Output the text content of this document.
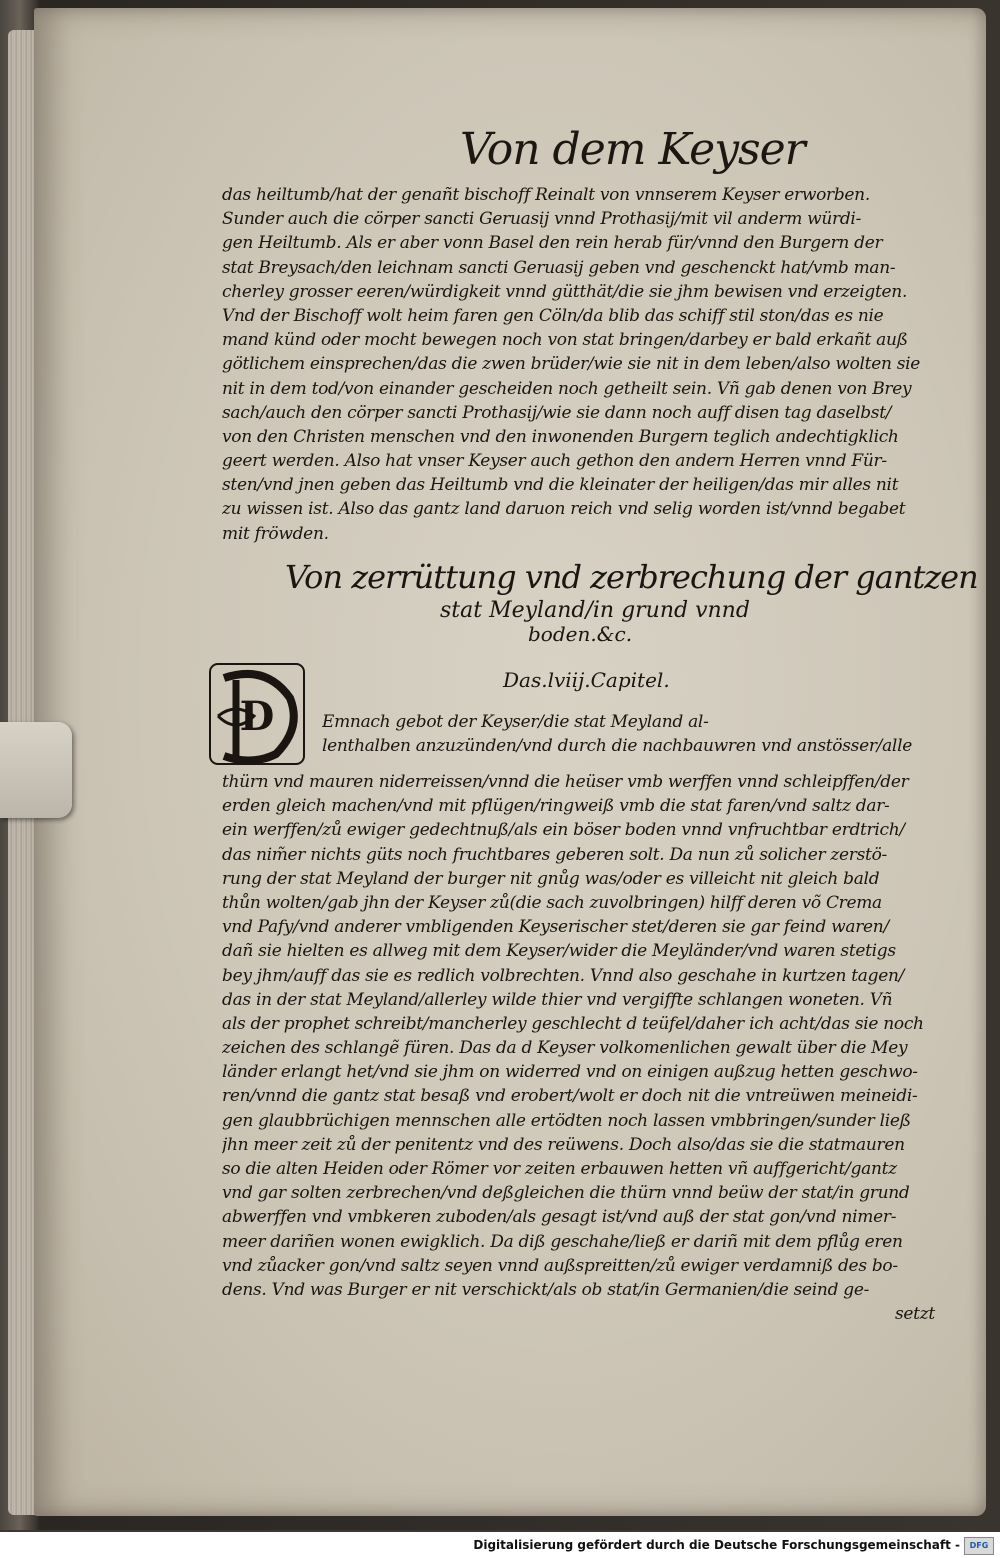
Von dem Keyser
das heiltumb/hat der genañt bischoff Reinalt von vnnserem Keyser erworben.
Sunder auch die cörper sancti Geruasij vnnd Prothasij/mit vil anderm würdi-
gen Heiltumb. Als er aber vonn Basel den rein herab für/vnnd den Burgern der
stat Breysach/den leichnam sancti Geruasij geben vnd geschenckt hat/vmb man-
cherley grosser eeren/würdigkeit vnnd gütthät/die sie jhm bewisen vnd erzeigten.
Vnd der Bischoff wolt heim faren gen Cöln/da blib das schiff stil ston/das es nie
mand künd oder mocht bewegen noch von stat bringen/darbey er bald erkañt auß
götlichem einsprechen/das die zwen brüder/wie sie nit in dem leben/also wolten sie
nit in dem tod/von einander gescheiden noch getheilt sein. Vñ gab denen von Brey
sach/auch den cörper sancti Prothasij/wie sie dann noch auff disen tag daselbst/
von den Christen menschen vnd den inwonenden Burgern teglich andechtigklich
geert werden. Also hat vnser Keyser auch gethon den andern Herren vnnd Für-
sten/vnd jnen geben das Heiltumb vnd die kleinater der heiligen/das mir alles nit
zu wissen ist. Also das gantz land daruon reich vnd selig worden ist/vnnd begabet
mit fröwden.
Von zerrüttung vnd zerbrechung der gantzen
stat Meyland/in grund vnnd
boden.&c.
Das.lviij.Capitel.
D	Emnach gebot der Keyser/die stat Meyland al-
lenthalben anzuzünden/vnd durch die nachbauwren vnd anstösser/alle
thürn vnd mauren niderreissen/vnnd die heüser vmb werffen vnnd schleipffen/der
erden gleich machen/vnd mit pflügen/ringweiß vmb die stat faren/vnd saltz dar-
ein werffen/zů ewiger gedechtnuß/als ein böser boden vnnd vnfruchtbar erdtrich/
das nim̃er nichts güts noch fruchtbares geberen solt. Da nun zů solicher zerstö-
rung der stat Meyland der burger nit gnůg was/oder es villeicht nit gleich bald
thůn wolten/gab jhn der Keyser zů(die sach zuvolbringen) hilff deren võ Crema
vnd Pafy/vnd anderer vmbligenden Keyserischer stet/deren sie gar feind waren/
dañ sie hielten es allweg mit dem Keyser/wider die Meyländer/vnd waren stetigs
bey jhm/auff das sie es redlich volbrechten. Vnnd also geschahe in kurtzen tagen/
das in der stat Meyland/allerley wilde thier vnd vergiffte schlangen woneten. Vñ
als der prophet schreibt/mancherley geschlecht d teüfel/daher ich acht/das sie noch
zeichen des schlangẽ füren. Das da d Keyser volkomenlichen gewalt über die Mey
länder erlangt het/vnd sie jhm on widerred vnd on einigen außzug hetten geschwo-
ren/vnnd die gantz stat besaß vnd erobert/wolt er doch nit die vntreüwen meineidi-
gen glaubbrüchigen mennschen alle ertödten noch lassen vmbbringen/sunder ließ
jhn meer zeit zů der penitentz vnd des reüwens. Doch also/das sie die statmauren
so die alten Heiden oder Römer vor zeiten erbauwen hetten vñ auffgericht/gantz
vnd gar solten zerbrechen/vnd deßgleichen die thürn vnnd beüw der stat/in grund
abwerffen vnd vmbkeren zuboden/als gesagt ist/vnd auß der stat gon/vnd nimer-
meer dariñen wonen ewigklich. Da diß geschahe/ließ er dariñ mit dem pflůg eren
vnd zůacker gon/vnd saltz seyen vnnd außspreitten/zů ewiger verdamniß des bo-
dens. Vnd was Burger er nit verschickt/als ob stat/in Germanien/die seind ge-
setzt
Digitalisierung gefördert durch die Deutsche Forschungsgemeinschaft -	DFG
